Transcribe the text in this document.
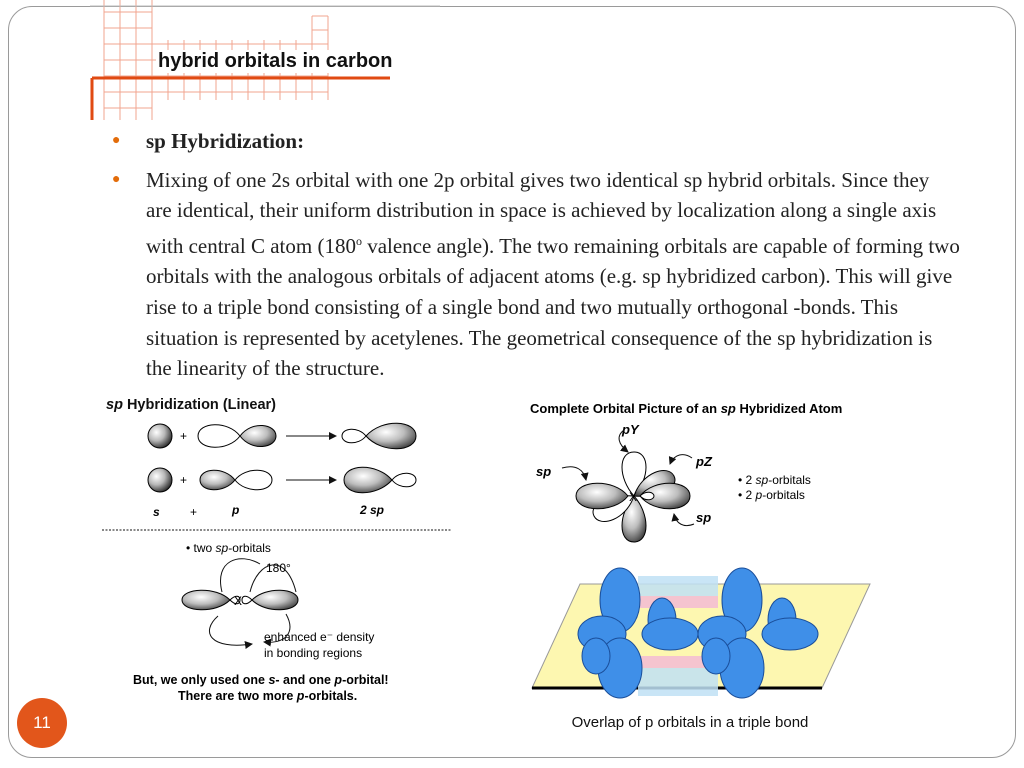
hybrid orbitals in carbon
●	sp Hybridization:
●	Mixing of one 2s orbital with one 2p orbital gives two identical sp hybrid orbitals. Since they are identical, their uniform distribution in space is achieved by localization along a single axis with central C atom (180$^o$ valence angle). The two remaining orbitals are capable of forming two orbitals with the analogous orbitals of adjacent atoms (e.g. sp hybridized carbon). This will give rise to a triple bond consisting of a single bond and two mutually orthogonal -bonds. This situation is represented by acetylenes. The geometrical consequence of the sp hybridization is the linearity of the structure.
sp Hybridization (Linear)
+
+
s	+	p	2 sp
• two sp-orbitals
180°
X
enhanced e⁻ density
in bonding regions
But, we only used one s- and one p-orbital!
There are two more p-orbitals.
Complete Orbital Picture of an sp Hybridized Atom
X
pY
pZ
sp
sp
• 2 sp-orbitals
• 2 p-orbitals
Overlap of p orbitals in a triple bond
11
